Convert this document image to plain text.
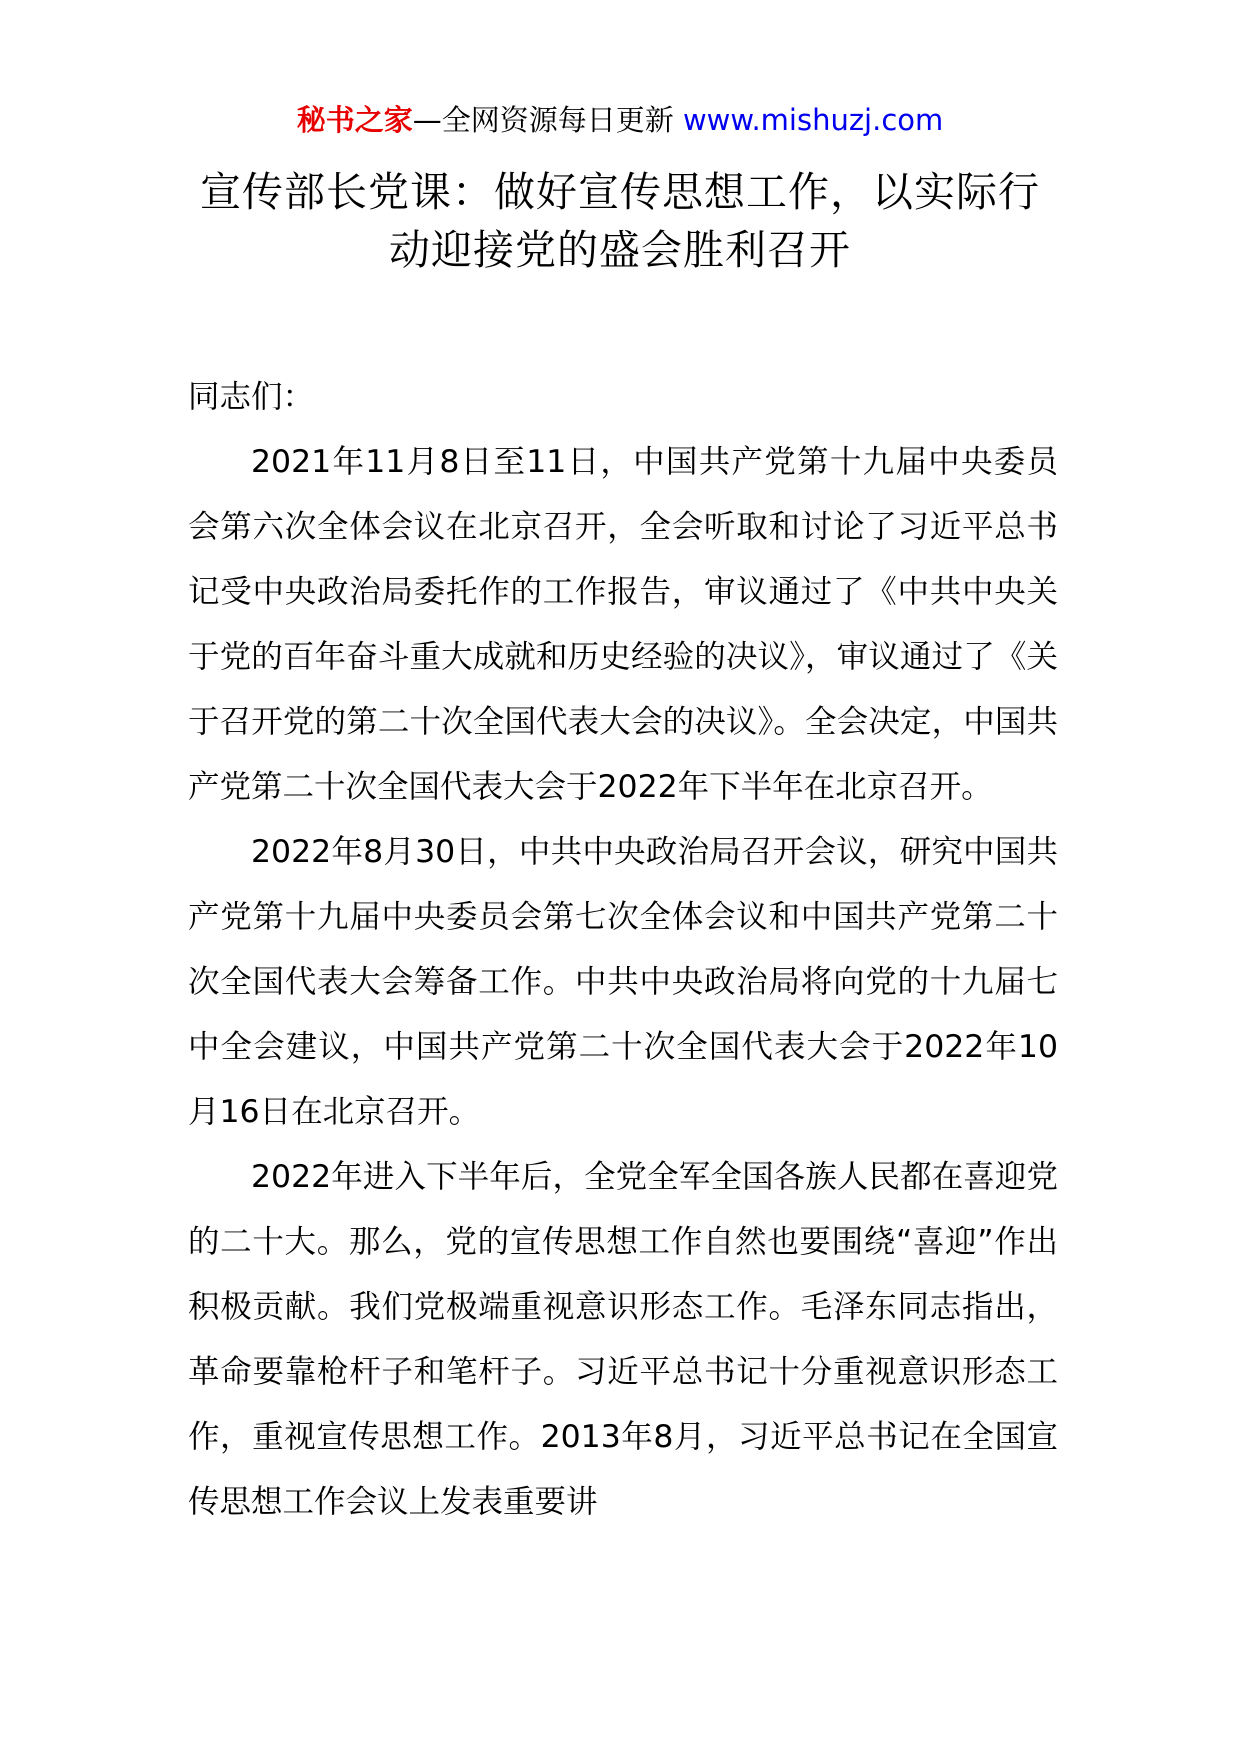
秘书之家—全网资源每日更新 www.mishuzj.com
宣传部长党课：做好宣传思想工作，以实际行动迎接党的盛会胜利召开

同志们：

2021年11月8日至11日，中国共产党第十九届中央委员会第六次全体会议在北京召开，全会听取和讨论了习近平总书记受中央政治局委托作的工作报告，审议通过了《中共中央关于党的百年奋斗重大成就和历史经验的决议》，审议通过了《关于召开党的第二十次全国代表大会的决议》。全会决定，中国共产党第二十次全国代表大会于2022年下半年在北京召开。

2022年8月30日，中共中央政治局召开会议，研究中国共产党第十九届中央委员会第七次全体会议和中国共产党第二十次全国代表大会筹备工作。中共中央政治局将向党的十九届七中全会建议，中国共产党第二十次全国代表大会于2022年10月16日在北京召开。

2022年进入下半年后，全党全军全国各族人民都在喜迎党的二十大。那么，党的宣传思想工作自然也要围绕“喜迎”作出积极贡献。我们党极端重视意识形态工作。毛泽东同志指出，革命要靠枪杆子和笔杆子。习近平总书记十分重视意识形态工作，重视宣传思想工作。2013年8月，习近平总书记在全国宣传思想工作会议上发表重要讲
